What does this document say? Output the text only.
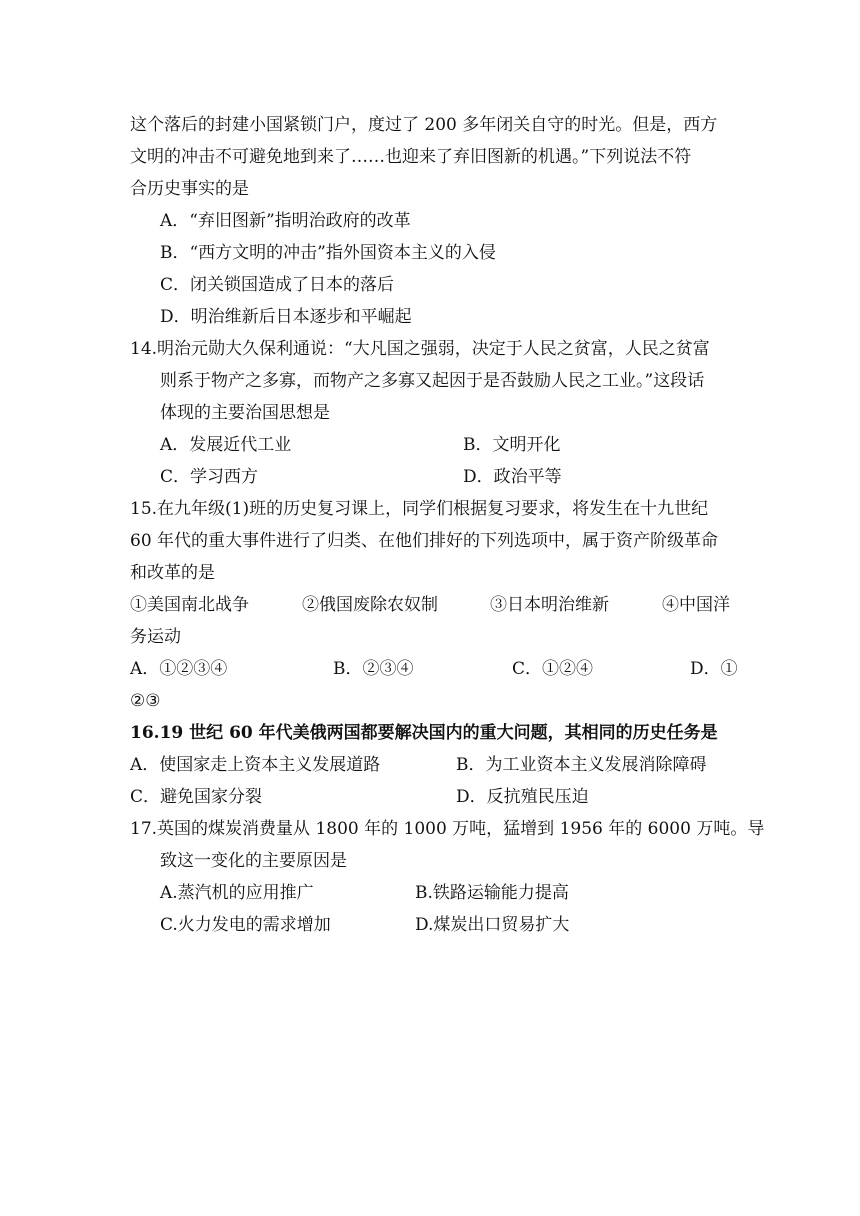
这个落后的封建小国紧锁门户，度过了 200 多年闭关自守的时光。但是，西方
文明的冲击不可避免地到来了……也迎来了弃旧图新的机遇。”下列说法不符
合历史事实的是
A．“弃旧图新”指明治政府的改革
B．“西方文明的冲击”指外国资本主义的入侵
C．闭关锁国造成了日本的落后
D．明治维新后日本逐步和平崛起
14.明治元勋大久保利通说：“大凡国之强弱，决定于人民之贫富，人民之贫富
则系于物产之多寡，而物产之多寡又起因于是否鼓励人民之工业。”这段话
体现的主要治国思想是
A．发展近代工业	B．文明开化
C．学习西方	D．政治平等
15.在九年级(1)班的历史复习课上，同学们根据复习要求，将发生在十九世纪
60 年代的重大事件进行了归类、在他们排好的下列选项中，属于资产阶级革命
和改革的是
①美国南北战争	②俄国废除农奴制	③日本明治维新	④中国洋
务运动
A．①②③④	B．②③④	C．①②④	D．①
②③
16.19 世纪 60 年代美俄两国都要解决国内的重大问题，其相同的历史任务是
A．使国家走上资本主义发展道路	B．为工业资本主义发展消除障碍
C．避免国家分裂	D．反抗殖民压迫
17.英国的煤炭消费量从 1800 年的 1000 万吨，猛增到 1956 年的 6000 万吨。导
致这一变化的主要原因是
A.蒸汽机的应用推广	B.铁路运输能力提高
C.火力发电的需求增加	D.煤炭出口贸易扩大
